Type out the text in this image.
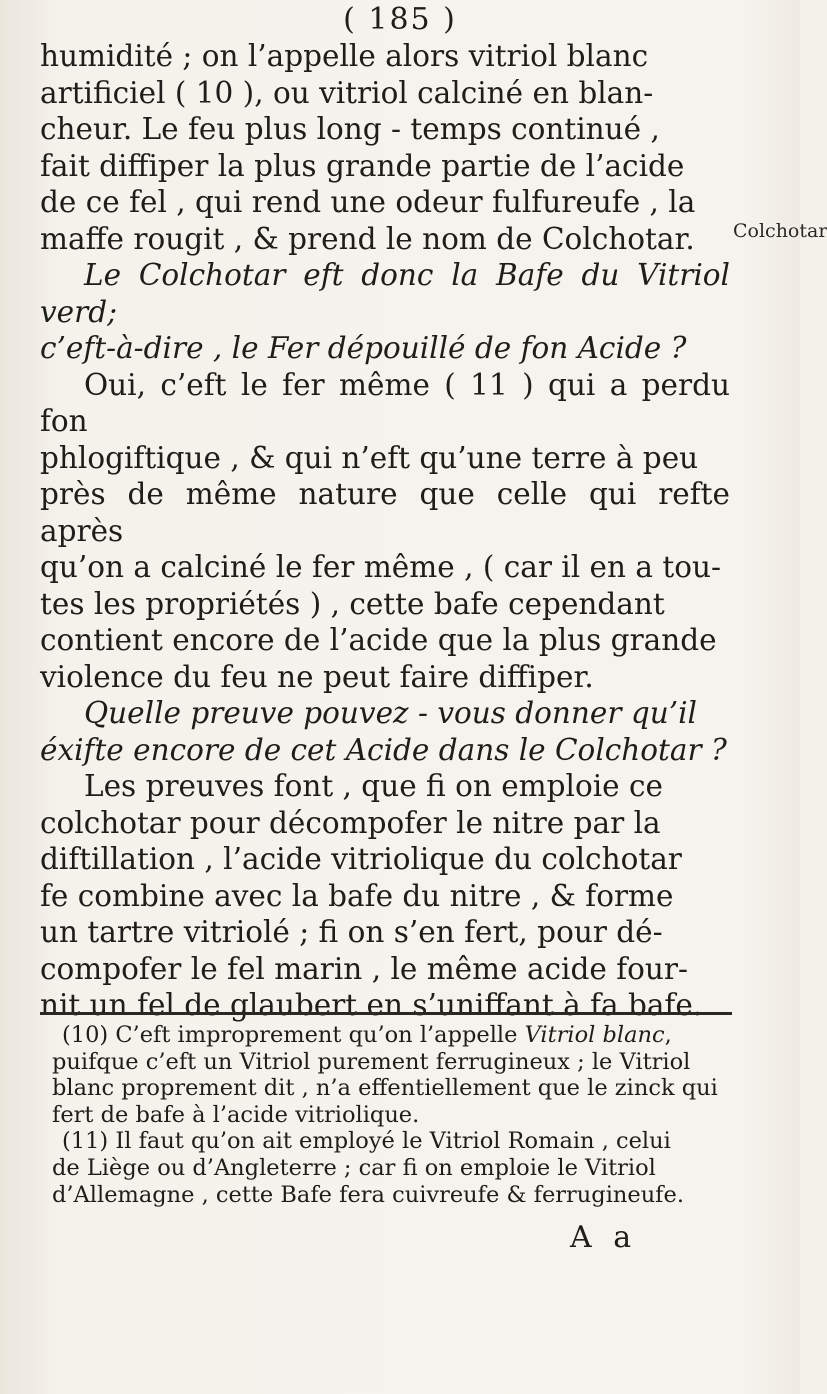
( 185 )

humidité ; on l’appelle alors vitriol blanc
artificiel ( 10 ), ou vitriol calciné en blan-
cheur. Le feu plus long - temps continué ,
fait diffiper la plus grande partie de l’acide
de ce fel , qui rend une odeur fulfureufe , la
maffe rougit , & prend le nom de Colchotar.

Le Colchotar eft donc la Bafe du Vitriol verd;
c’eft-à-dire , le Fer dépouillé de fon Acide ?

Oui, c’eft le fer même ( 11 ) qui a perdu fon
phlogiftique , & qui n’eft qu’une terre à peu
près de même nature que celle qui refte après
qu’on a calciné le fer même , ( car il en a tou-
tes les propriétés ) , cette bafe cependant
contient encore de l’acide que la plus grande
violence du feu ne peut faire diffiper.

Quelle preuve pouvez - vous donner qu’il
éxifte encore de cet Acide dans le Colchotar ?

Les preuves font , que fi on emploie ce
colchotar pour décompofer le nitre par la
diftillation , l’acide vitriolique du colchotar
fe combine avec la bafe du nitre , & forme
un tartre vitriolé ; fi on s’en fert, pour dé-
compofer le fel marin , le même acide four-
nit un fel de glaubert en s’uniffant à fa bafe.

Colchotar

(10) C’eft improprement qu’on l’appelle Vitriol blanc,
puifque c’eft un Vitriol purement ferrugineux ; le Vitriol
blanc proprement dit , n’a effentiellement que le zinck qui
fert de bafe à l’acide vitriolique.

(11) Il faut qu’on ait employé le Vitriol Romain , celui
de Liège ou d’Angleterre ; car fi on emploie le Vitriol
d’Allemagne , cette Bafe fera cuivreufe & ferrugineufe.

A a
